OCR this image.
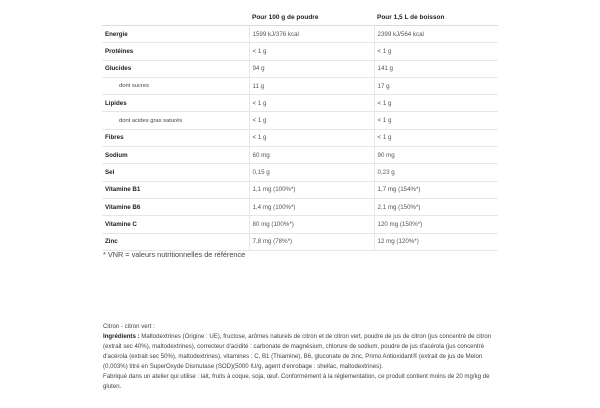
	Pour 100 g de poudre	Pour 1,5 L de boisson
Energie	1599 kJ/376 kcal	2399 kJ/564 kcal
Protéines	< 1 g	< 1 g
Glucides	94 g	141 g
dont sucres	11 g	17 g
Lipides	< 1 g	< 1 g
dont acides gras saturés	< 1 g	< 1 g
Fibres	< 1 g	< 1 g
Sodium	60 mg	90 mg
Sel	0,15 g	0,23 g
Vitamine B1	1,1 mg (100%*)	1,7 mg (154%*)
Vitamine B6	1,4 mg (100%*)	2,1 mg (150%*)
Vitamine C	80 mg (100%*)	120 mg (150%*)
Zinc	7,8 mg (78%*)	12 mg (120%*)
* VNR = valeurs nutritionnelles de référence
Citron - citron vert :
Ingrédients : Maltodextrines (Origine : UE), fructose, arômes naturels de citron et de citron vert, poudre de jus de citron (jus concentré de citron (extrait sec 40%), maltodextrines), correcteur d'acidité : carbonate de magnésium, chlorure de sodium, poudre de jus d'acérola (jus concentré d'acérola (extrait sec 50%), maltodextrines), vitamines : C, B1 (Thiamine), B6, gluconate de zinc, Primo Antioxidant® (extrait de jus de Melon (0,003%) titré en SuperOxyde Dismutase (SOD)(5000 IU/g, agent d'enrobage : shellac, maltodextrines).
Fabriqué dans un atelier qui utilise : lait, fruits à coque, soja, œuf. Conformément à la réglementation, ce produit contient moins de 20 mg/kg de gluten.
